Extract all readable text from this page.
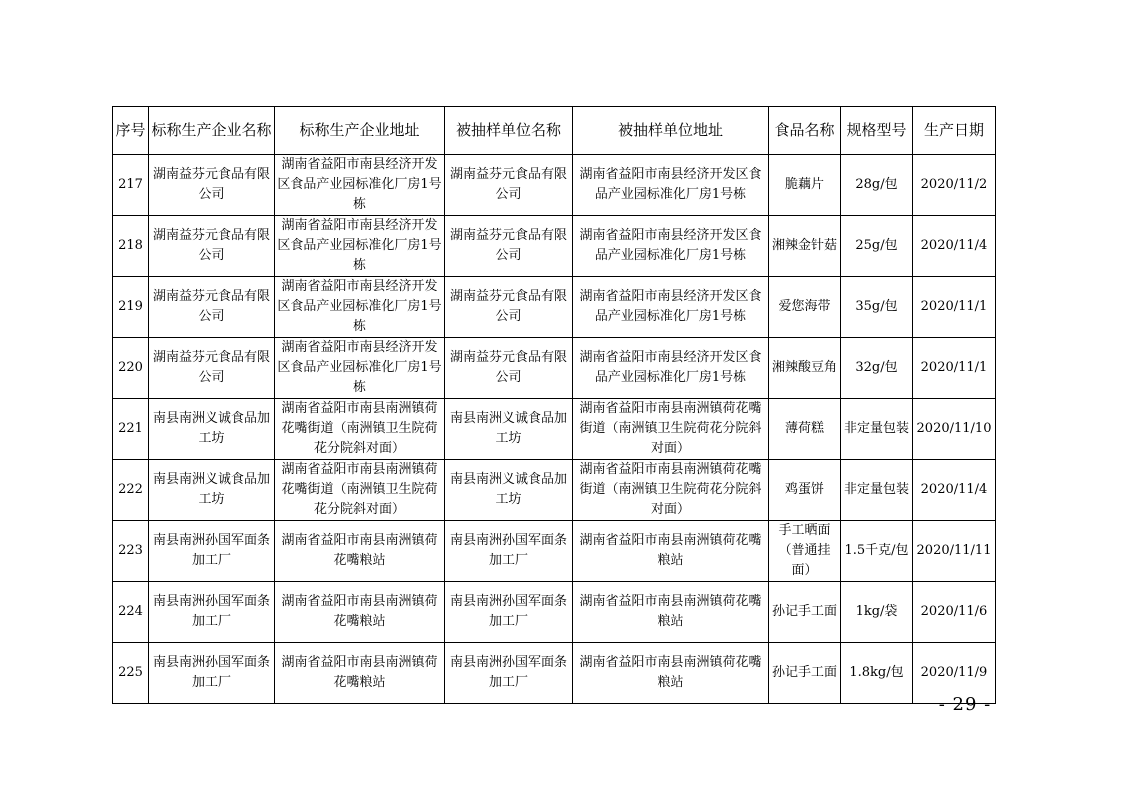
序号	标称生产企业名称	标称生产企业地址	被抽样单位名称	被抽样单位地址	食品名称	规格型号	生产日期
217	湖南益芬元食品有限公司	湖南省益阳市南县经济开发区食品产业园标准化厂房1号栋	湖南益芬元食品有限公司	湖南省益阳市南县经济开发区食品产业园标准化厂房1号栋	脆藕片	28g/包	2020/11/2
218	湖南益芬元食品有限公司	湖南省益阳市南县经济开发区食品产业园标准化厂房1号栋	湖南益芬元食品有限公司	湖南省益阳市南县经济开发区食品产业园标准化厂房1号栋	湘辣金针菇	25g/包	2020/11/4
219	湖南益芬元食品有限公司	湖南省益阳市南县经济开发区食品产业园标准化厂房1号栋	湖南益芬元食品有限公司	湖南省益阳市南县经济开发区食品产业园标准化厂房1号栋	爱您海带	35g/包	2020/11/1
220	湖南益芬元食品有限公司	湖南省益阳市南县经济开发区食品产业园标准化厂房1号栋	湖南益芬元食品有限公司	湖南省益阳市南县经济开发区食品产业园标准化厂房1号栋	湘辣酸豆角	32g/包	2020/11/1
221	南县南洲义诚食品加工坊	湖南省益阳市南县南洲镇荷花嘴街道（南洲镇卫生院荷花分院斜对面）	南县南洲义诚食品加工坊	湖南省益阳市南县南洲镇荷花嘴街道（南洲镇卫生院荷花分院斜对面）	薄荷糕	非定量包装	2020/11/10
222	南县南洲义诚食品加工坊	湖南省益阳市南县南洲镇荷花嘴街道（南洲镇卫生院荷花分院斜对面）	南县南洲义诚食品加工坊	湖南省益阳市南县南洲镇荷花嘴街道（南洲镇卫生院荷花分院斜对面）	鸡蛋饼	非定量包装	2020/11/4
223	南县南洲孙国军面条加工厂	湖南省益阳市南县南洲镇荷花嘴粮站	南县南洲孙国军面条加工厂	湖南省益阳市南县南洲镇荷花嘴粮站	手工晒面（普通挂面）	1.5千克/包	2020/11/11
224	南县南洲孙国军面条加工厂	湖南省益阳市南县南洲镇荷花嘴粮站	南县南洲孙国军面条加工厂	湖南省益阳市南县南洲镇荷花嘴粮站	孙记手工面	1kg/袋	2020/11/6
225	南县南洲孙国军面条加工厂	湖南省益阳市南县南洲镇荷花嘴粮站	南县南洲孙国军面条加工厂	湖南省益阳市南县南洲镇荷花嘴粮站	孙记手工面	1.8kg/包	2020/11/9
- 29 -
